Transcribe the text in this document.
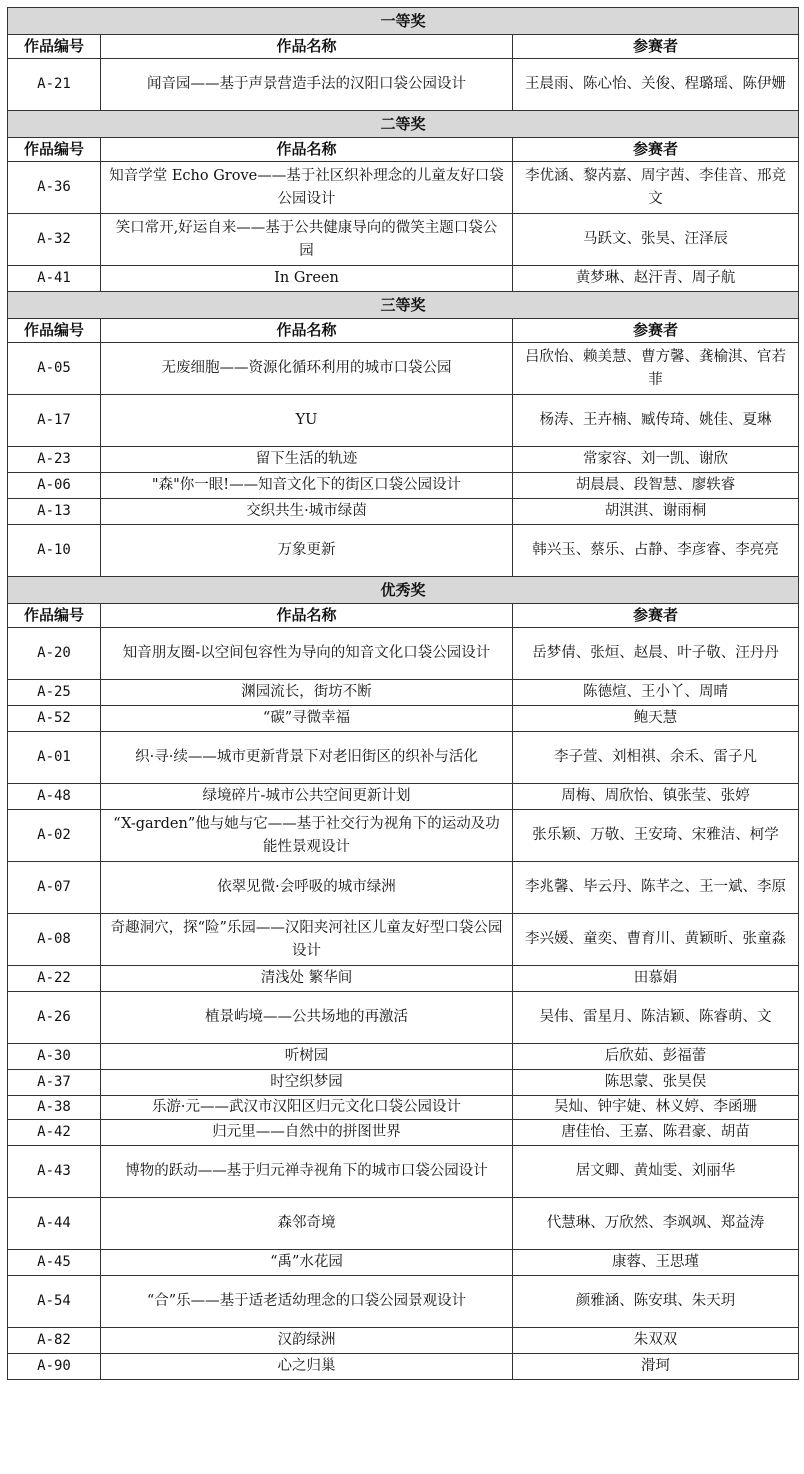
一等奖		
作品编号	作品名称	参赛者
A-21	闻音园——基于声景营造手法的汉阳口袋公园设计	王晨雨、陈心怡、关俊、程璐瑶、陈伊姗
二等奖		
作品编号	作品名称	参赛者
A-36	知音学堂 Echo Grove——基于社区织补理念的儿童友好口袋公园设计	李优涵、黎芮嘉、周宇茜、李佳音、邢竞文
A-32	笑口常开,好运自来——基于公共健康导向的微笑主题口袋公园	马跃文、张昊、汪泽辰
A-41	In Green	黄梦琳、赵汗青、周子航
三等奖		
作品编号	作品名称	参赛者
A-05	无废细胞——资源化循环利用的城市口袋公园	吕欣怡、赖美慧、曹方馨、龚榆淇、官若菲
A-17	YU	杨涛、王卉楠、臧传琦、姚佳、夏琳
A-23	留下生活的轨迹	常家容、刘一凯、谢欣
A-06	"森"你一眼!——知音文化下的街区口袋公园设计	胡晨晨、段智慧、廖轶睿
A-13	交织共生·城市绿茵	胡淇淇、谢雨桐
A-10	万象更新	韩兴玉、蔡乐、占静、李彦睿、李亮亮
优秀奖		
作品编号	作品名称	参赛者
A-20	知音朋友圈-以空间包容性为导向的知音文化口袋公园设计	岳梦倩、张烜、赵晨、叶子敬、汪丹丹
A-25	渊园流长，街坊不断	陈德煊、王小丫、周晴
A-52	“碳”寻微幸福	鲍天慧
A-01	织·寻·续——城市更新背景下对老旧街区的织补与活化	李子萱、刘相祺、余禾、雷子凡
A-48	绿境碎片-城市公共空间更新计划	周梅、周欣怡、镇张莹、张婷
A-02	“X-garden”他与她与它——基于社交行为视角下的运动及功能性景观设计	张乐颖、万敬、王安琦、宋雅洁、柯学
A-07	依翠见微·会呼吸的城市绿洲	李兆馨、毕云丹、陈芊之、王一斌、李原
A-08	奇趣洞穴，探“险”乐园——汉阳夹河社区儿童友好型口袋公园设计	李兴媛、童奕、曹育川、黄颖昕、张童淼
A-22	清浅处 繁华间	田慕娟
A-26	植景屿境——公共场地的再激活	吴伟、雷星月、陈洁颖、陈睿萌、文
A-30	听树园	后欣茹、彭福蕾
A-37	时空织梦园	陈思蒙、张昊俣
A-38	乐游·元——武汉市汉阳区归元文化口袋公园设计	吴灿、钟宇婕、林义婷、李函珊
A-42	归元里——自然中的拼图世界	唐佳怡、王嘉、陈君豪、胡苗
A-43	博物的跃动——基于归元禅寺视角下的城市口袋公园设计	居文卿、黄灿雯、刘丽华
A-44	森邻奇境	代慧琳、万欣然、李飒飒、郑益涛
A-45	“禹”水花园	康蓉、王思瑾
A-54	“合”乐——基于适老适幼理念的口袋公园景观设计	颜雅涵、陈安琪、朱天玥
A-82	汉韵绿洲	朱双双
A-90	心之归巢	滑珂
